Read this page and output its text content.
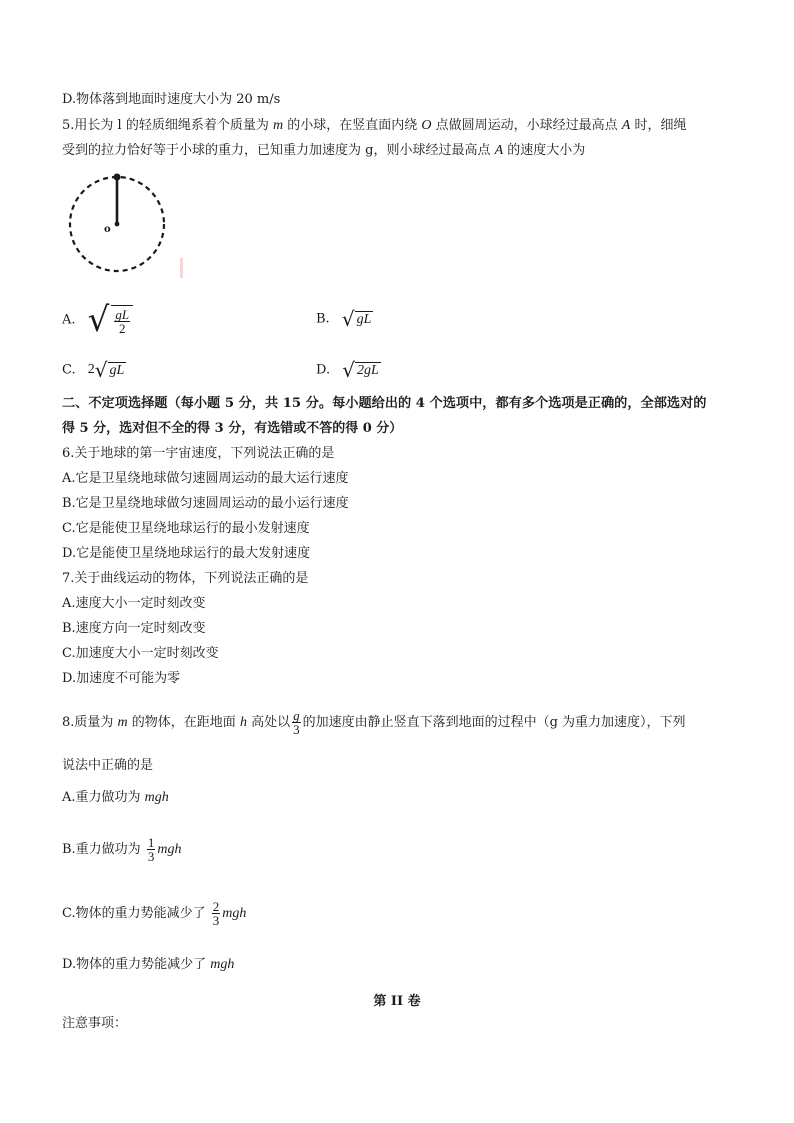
D.物体落到地面时速度大小为 20 m/s
5.用长为 l 的轻质细绳系着个质量为 m 的小球，在竖直面内绕 O 点做圆周运动，小球经过最高点 A 时，细绳
受到的拉力恰好等于小球的重力，已知重力加速度为 g，则小球经过最高点 A 的速度大小为
o
A. √ $\frac{gL}{2}$	B. √ gL
C. 2 √ gL	D. √ 2gL
二、不定项选择题（每小题 5 分，共 15 分。每小题给出的 4 个选项中，都有多个选项是正确的，全部选对的
得 5 分，选对但不全的得 3 分，有选错或不答的得 0 分）
6.关于地球的第一宇宙速度，下列说法正确的是
A.它是卫星绕地球做匀速圆周运动的最大运行速度
B.它是卫星绕地球做匀速圆周运动的最小运行速度
C.它是能使卫星绕地球运行的最小发射速度
D.它是能使卫星绕地球运行的最大发射速度
7.关于曲线运动的物体，下列说法正确的是
A.速度大小一定时刻改变
B.速度方向一定时刻改变
C.加速度大小一定时刻改变
D.加速度不可能为零
8.质量为 m 的物体，在距地面 h 高处以 $\frac{g}{3}$ 的加速度由静止竖直下落到地面的过程中（g 为重力加速度），下列
说法中正确的是
A.重力做功为 mgh
B.重力做功为 $\frac{1}{3}$ mgh
C.物体的重力势能减少了 $\frac{2}{3}$ mgh
D.物体的重力势能减少了 mgh
第 II 卷
注意事项：
